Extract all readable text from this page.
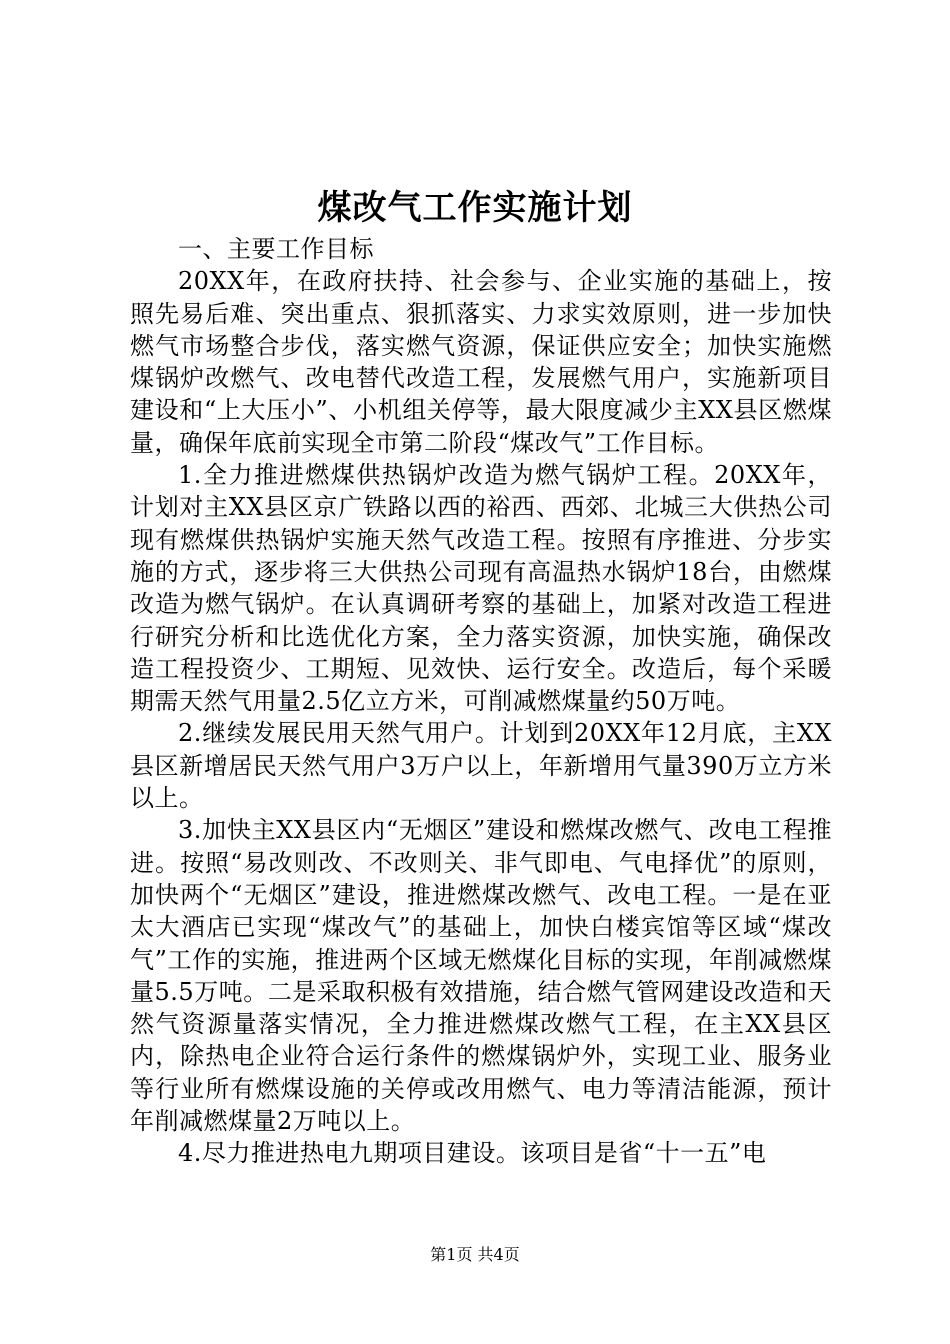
煤改气工作实施计划

一、主要工作目标

20XX年，在政府扶持、社会参与、企业实施的基础上，按照先易后难、突出重点、狠抓落实、力求实效原则，进一步加快燃气市场整合步伐，落实燃气资源，保证供应安全；加快实施燃煤锅炉改燃气、改电替代改造工程，发展燃气用户，实施新项目建设和“上大压小”、小机组关停等，最大限度减少主XX县区燃煤量，确保年底前实现全市第二阶段“煤改气”工作目标。

1.全力推进燃煤供热锅炉改造为燃气锅炉工程。20XX年，计划对主XX县区京广铁路以西的裕西、西郊、北城三大供热公司现有燃煤供热锅炉实施天然气改造工程。按照有序推进、分步实施的方式，逐步将三大供热公司现有高温热水锅炉18台，由燃煤改造为燃气锅炉。在认真调研考察的基础上，加紧对改造工程进行研究分析和比选优化方案，全力落实资源，加快实施，确保改造工程投资少、工期短、见效快、运行安全。改造后，每个采暖期需天然气用量2.5亿立方米，可削减燃煤量约50万吨。

2.继续发展民用天然气用户。计划到20XX年12月底，主XX县区新增居民天然气用户3万户以上，年新增用气量390万立方米以上。

3.加快主XX县区内“无烟区”建设和燃煤改燃气、改电工程推进。按照“易改则改、不改则关、非气即电、气电择优”的原则，加快两个“无烟区”建设，推进燃煤改燃气、改电工程。一是在亚太大酒店已实现“煤改气”的基础上，加快白楼宾馆等区域“煤改气”工作的实施，推进两个区域无燃煤化目标的实现，年削减燃煤量5.5万吨。二是采取积极有效措施，结合燃气管网建设改造和天然气资源量落实情况，全力推进燃煤改燃气工程，在主XX县区内，除热电企业符合运行条件的燃煤锅炉外，实现工业、服务业等行业所有燃煤设施的关停或改用燃气、电力等清洁能源，预计年削减燃煤量2万吨以上。

4.尽力推进热电九期项目建设。该项目是省“十一五”电

第1页 共4页
